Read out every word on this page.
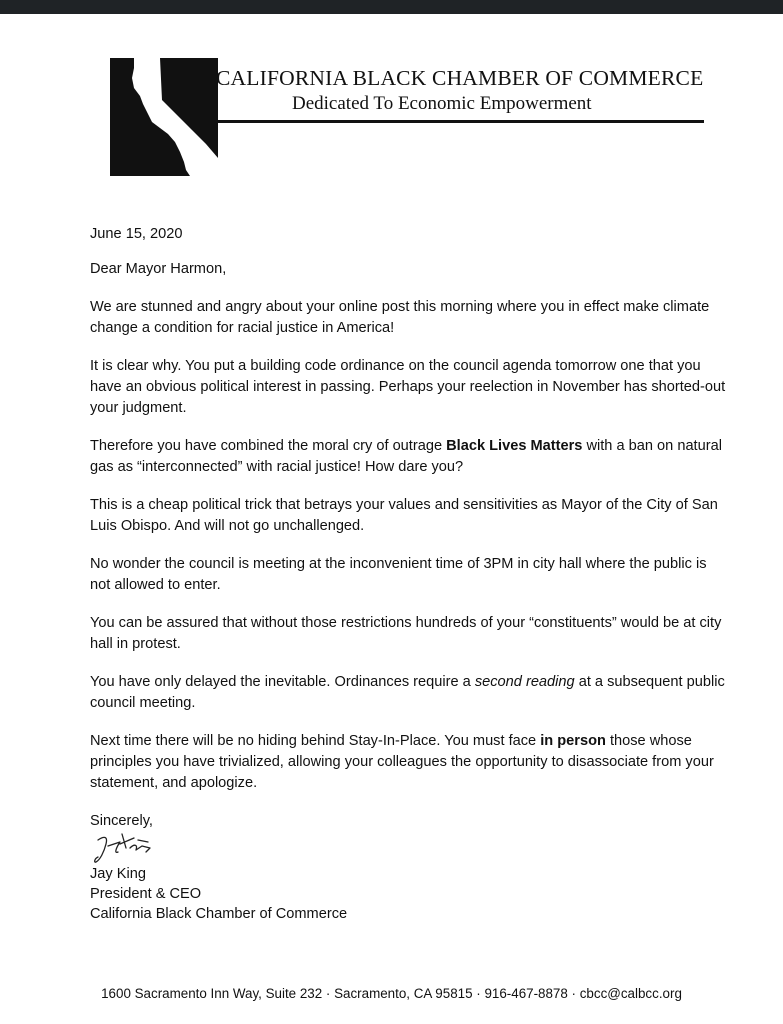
CALIFORNIA BLACK CHAMBER OF COMMERCE
Dedicated To Economic Empowerment

June 15, 2020

Dear Mayor Harmon,

We are stunned and angry about your online post this morning where you in effect make climate change a condition for racial justice in America!

It is clear why. You put a building code ordinance on the council agenda tomorrow one that you have an obvious political interest in passing. Perhaps your reelection in November has shorted-out your judgment.

Therefore you have combined the moral cry of outrage Black Lives Matters with a ban on natural gas as “interconnected” with racial justice! How dare you?

This is a cheap political trick that betrays your values and sensitivities as Mayor of the City of San Luis Obispo. And will not go unchallenged.

No wonder the council is meeting at the inconvenient time of 3PM in city hall where the public is not allowed to enter.

You can be assured that without those restrictions hundreds of your “constituents” would be at city hall in protest.

You have only delayed the inevitable. Ordinances require a second reading at a subsequent public council meeting.

Next time there will be no hiding behind Stay-In-Place. You must face in person those whose principles you have trivialized, allowing your colleagues the opportunity to disassociate from your statement, and apologize.

Sincerely,

Jay King
President & CEO
California Black Chamber of Commerce
1600 Sacramento Inn Way, Suite 232 · Sacramento, CA 95815 · 916-467-8878 · cbcc@calbcc.org
